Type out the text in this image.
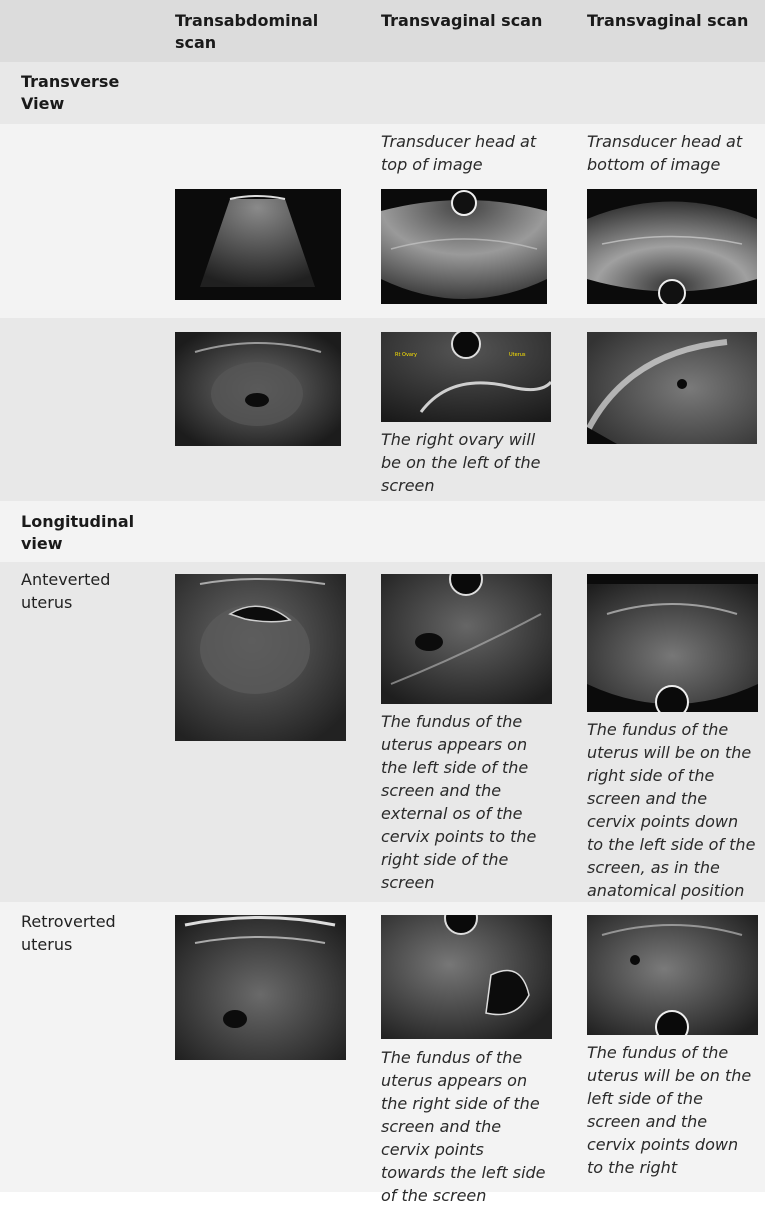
Transabdominal scan
Transvaginal scan	Transvaginal scan
Transverse View
Transducer head at top of image
Transducer head at bottom of image
Rt Ovary	Uterus
The right ovary will be on the left of the screen
Longitudinal view
Anteverted uterus
The fundus of the uterus appears on the left side of the screen and the external os of the cervix points to the right side of the screen
The fundus of the uterus will be on the right side of the screen and the cervix points down to the left side of the screen, as in the anatomical position
Retroverted uterus
The fundus of the uterus appears on the right side of the screen and the cervix points towards the left side of the screen
The fundus of the uterus will be on the left side of the screen and the cervix points down to the right
